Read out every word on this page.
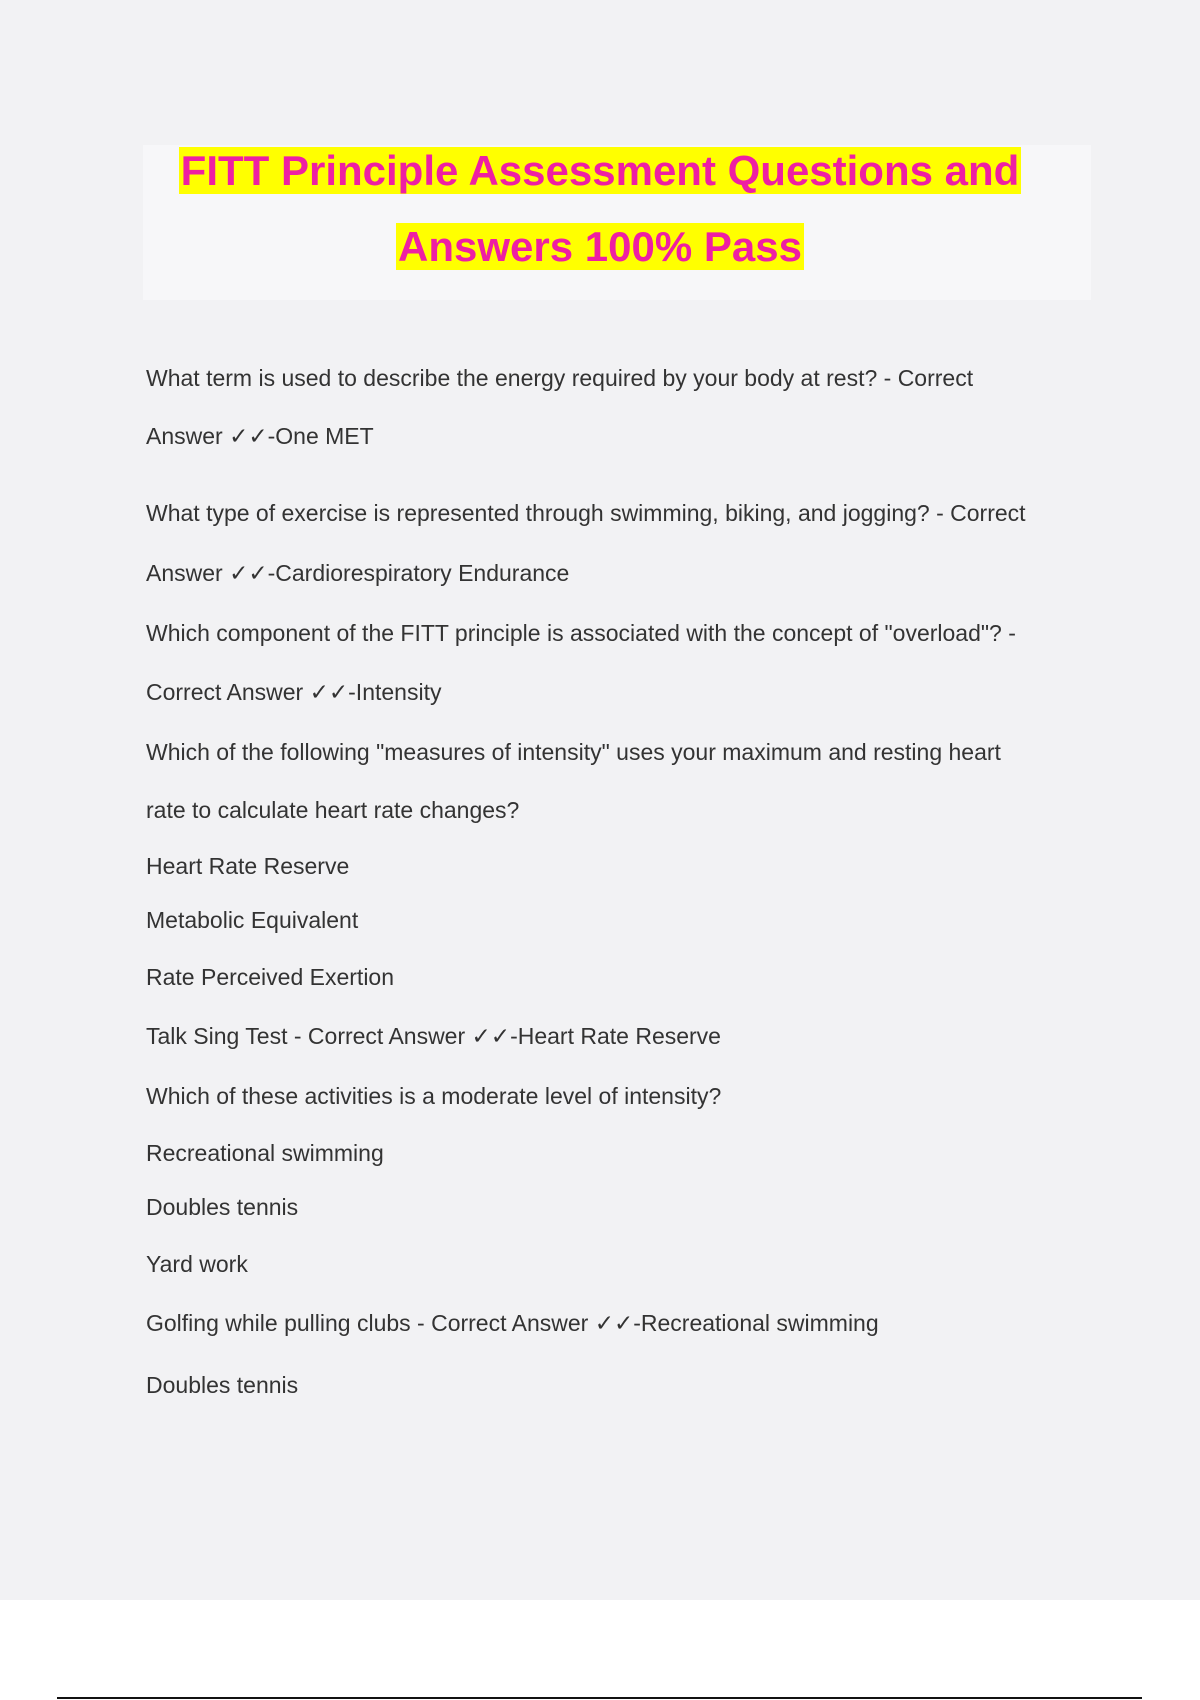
FITT Principle Assessment Questions and
Answers 100% Pass
What term is used to describe the energy required by your body at rest? - Correct
Answer ✓✓-One MET
What type of exercise is represented through swimming, biking, and jogging? - Correct
Answer ✓✓-Cardiorespiratory Endurance
Which component of the FITT principle is associated with the concept of "overload"? -
Correct Answer ✓✓-Intensity
Which of the following "measures of intensity" uses your maximum and resting heart
rate to calculate heart rate changes?
Heart Rate Reserve
Metabolic Equivalent
Rate Perceived Exertion
Talk Sing Test - Correct Answer ✓✓-Heart Rate Reserve
Which of these activities is a moderate level of intensity?
Recreational swimming
Doubles tennis
Yard work
Golfing while pulling clubs - Correct Answer ✓✓-Recreational swimming
Doubles tennis
